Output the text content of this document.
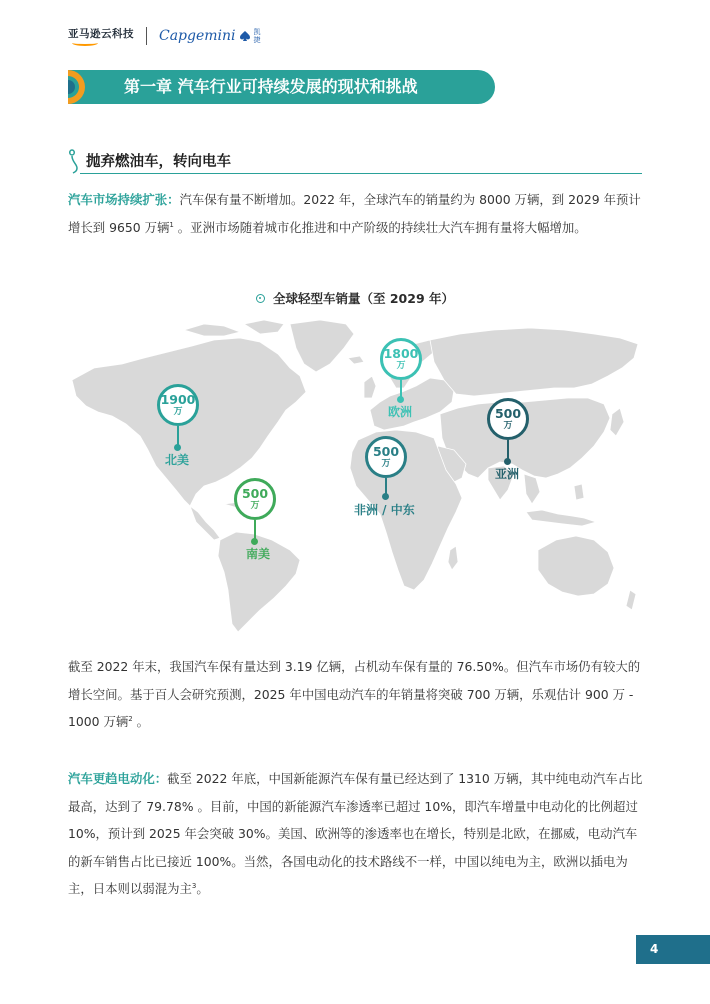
亚马逊云科技 Capgemini	凯捷
第一章 汽车行业可持续发展的现状和挑战
抛弃燃油车，转向电车
汽车市场持续扩张：汽车保有量不断增加。2022 年，全球汽车的销量约为 8000 万辆，到 2029 年预计增长到 9650 万辆$^1$ 。亚洲市场随着城市化推进和中产阶级的持续壮大汽车拥有量将大幅增加。
全球轻型车销量（至 2029 年）
1900
万
北美
1800
万
欧洲
500
万
非洲 / 中东
500
万
亚洲
500
万
南美
截至 2022 年末，我国汽车保有量达到 3.19 亿辆，占机动车保有量的 76.50%。但汽车市场仍有较大的增长空间。基于百人会研究预测，2025 年中国电动汽车的年销量将突破 700 万辆，乐观估计 900 万 - 1000 万辆$^2$ 。
汽车更趋电动化：截至 2022 年底，中国新能源汽车保有量已经达到了 1310 万辆，其中纯电动汽车占比最高，达到了 79.78% 。目前，中国的新能源汽车渗透率已超过 10%，即汽车增量中电动化的比例超过 10%，预计到 2025 年会突破 30%。美国、欧洲等的渗透率也在增长，特别是北欧，在挪威，电动汽车的新车销售占比已接近 100%。当然，各国电动化的技术路线不一样，中国以纯电为主，欧洲以插电为主，日本则以弱混为主$^3$。
4
